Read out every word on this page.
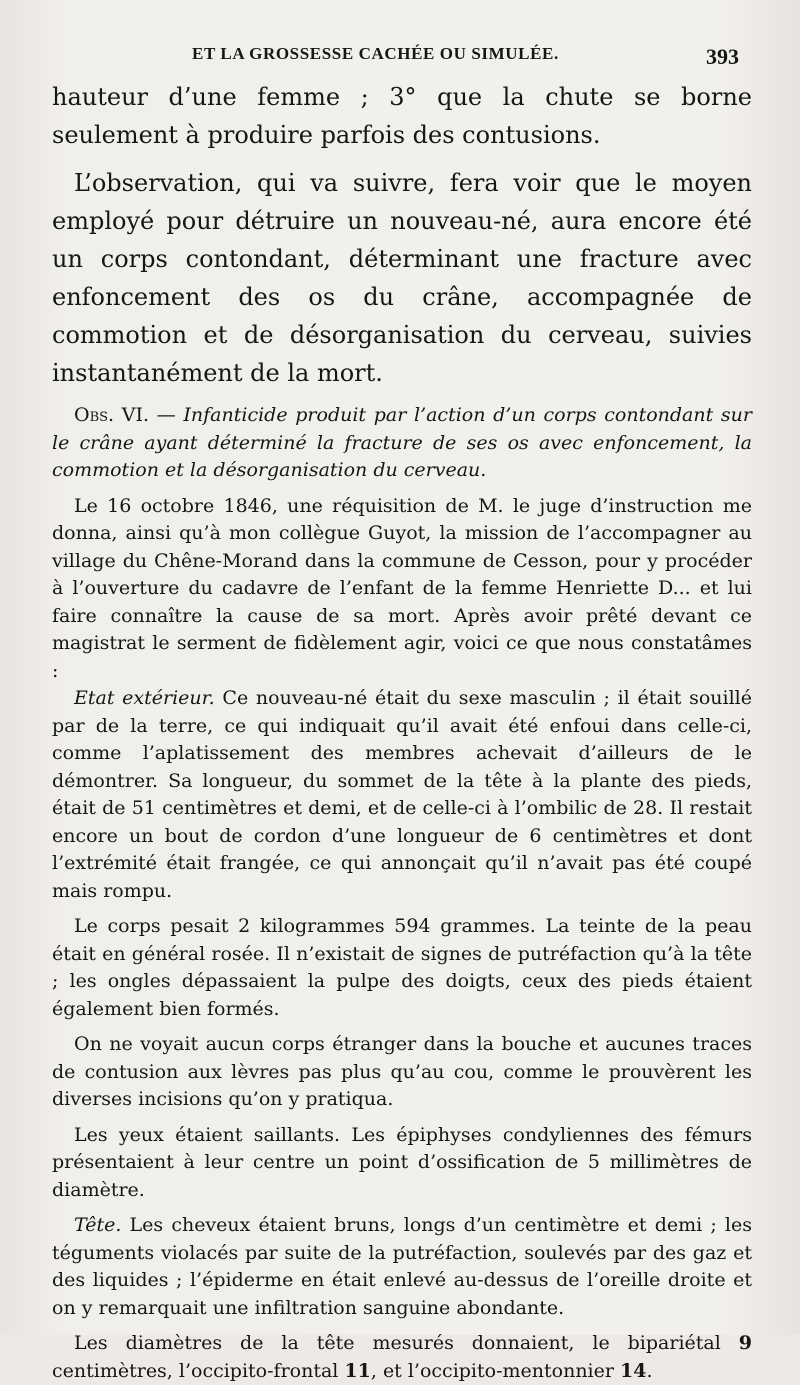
ET LA GROSSESSE CACHÉE OU SIMULÉE.	393

hauteur d’une femme ; 3° que la chute se borne seulement à produire parfois des contusions.

L’observation, qui va suivre, fera voir que le moyen employé pour détruire un nouveau-né, aura encore été un corps contondant, déterminant une fracture avec enfoncement des os du crâne, accompagnée de commotion et de désorganisation du cerveau, suivies instantanément de la mort.

Obs. VI. — Infanticide produit par l’action d’un corps contondant sur le crâne ayant déterminé la fracture de ses os avec enfoncement, la commotion et la désorganisation du cerveau.

Le 16 octobre 1846, une réquisition de M. le juge d’instruction me donna, ainsi qu’à mon collègue Guyot, la mission de l’accompagner au village du Chêne-Morand dans la commune de Cesson, pour y procéder à l’ouverture du cadavre de l’enfant de la femme Henriette D... et lui faire connaître la cause de sa mort. Après avoir prêté devant ce magistrat le serment de fidèlement agir, voici ce que nous constatâmes :

Etat extérieur. Ce nouveau-né était du sexe masculin ; il était souillé par de la terre, ce qui indiquait qu’il avait été enfoui dans celle-ci, comme l’aplatissement des membres achevait d’ailleurs de le démontrer. Sa longueur, du sommet de la tête à la plante des pieds, était de 51 centimètres et demi, et de celle-ci à l’ombilic de 28. Il restait encore un bout de cordon d’une longueur de 6 centimètres et dont l’extrémité était frangée, ce qui annonçait qu’il n’avait pas été coupé mais rompu.

Le corps pesait 2 kilogrammes 594 grammes. La teinte de la peau était en général rosée. Il n’existait de signes de putréfaction qu’à la tête ; les ongles dépassaient la pulpe des doigts, ceux des pieds étaient également bien formés.

On ne voyait aucun corps étranger dans la bouche et aucunes traces de contusion aux lèvres pas plus qu’au cou, comme le prouvèrent les diverses incisions qu’on y pratiqua.

Les yeux étaient saillants. Les épiphyses condyliennes des fémurs présentaient à leur centre un point d’ossification de 5 millimètres de diamètre.

Tête. Les cheveux étaient bruns, longs d’un centimètre et demi ; les téguments violacés par suite de la putréfaction, soulevés par des gaz et des liquides ; l’épiderme en était enlevé au-dessus de l’oreille droite et on y remarquait une infiltration sanguine abondante.

Les diamètres de la tête mesurés donnaient, le bipariétal 9 centimètres, l’occipito-frontal 11, et l’occipito-mentonnier 14.
